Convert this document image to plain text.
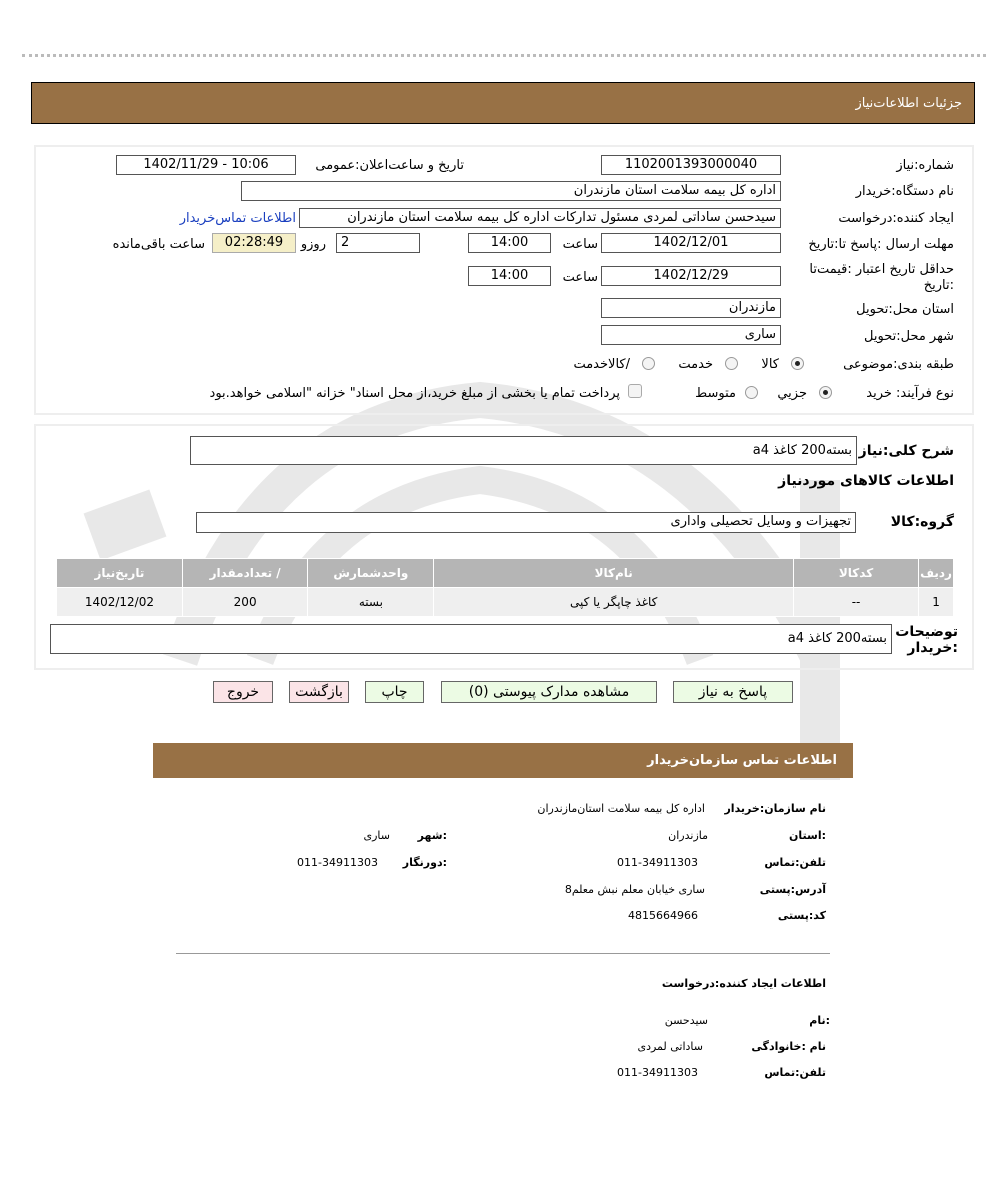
جزئیات اطلاعات‌نیاز
شماره:نیاز
1102001393000040
تاریخ و ساعت‌اعلان:عمومی
1402/11/29 - 10:06
نام دستگاه:خریدار
اداره کل بیمه سلامت استان مازندران
ایجاد کننده:درخواست
سیدحسن ساداتی لمردی مسئول تدارکات اداره کل بیمه سلامت استان مازندران
اطلاعات تماس‌خریدار
مهلت ارسال :پاسخ تا:تاریخ
1402/12/01
ساعت
14:00
2
روزو
02:28:49
ساعت باقی‌مانده
حداقل تاریخ اعتبار :قیمت‌تا :تاریخ
1402/12/29
ساعت
14:00
استان محل:تحویل
مازندران
شهر محل:تحویل
ساری
طبقه بندی:موضوعی
کالا
خدمت
/کالاخدمت
نوع فرآیند: خرید
جزیي
متوسط
پرداخت تمام یا بخشی از مبلغ خرید،از محل اسناد" خزانه "اسلامی خواهد.بود
شرح کلی:نیاز
بسته200 کاغذ a4
اطلاعات کالاهای مورد‌نیاز
گروه:کالا
تجهیزات و وسایل تحصیلی واداری
ردیف	کدکالا	نام‌کالا	واحدشمارش	/ تعدادمقدار	تاریخ‌نیاز
1	--	کاغذ چاپگر یا کپی	بسته	200	1402/12/02
توضیحات :خریدار
بسته200 کاغذ a4
پاسخ به نیاز
مشاهده مدارک پیوستی (0)
چاپ
بازگشت
خروج
اطلاعات تماس سازمان‌خریدار
نام سازمان:خریدار
اداره کل بیمه سلامت استان‌مازندران
:استان
مازندران
:شهر
ساری
تلفن:تماس
011-34911303
:دورنگار
011-34911303
آدرس:پستی
ساری خیابان معلم نبش معلم8
کد:پستی
4815664966
اطلاعات ایجاد کننده:درخواست
:نام
سیدحسن
نام :خانوادگی
ساداتی لمردی
تلفن:تماس
011-34911303
